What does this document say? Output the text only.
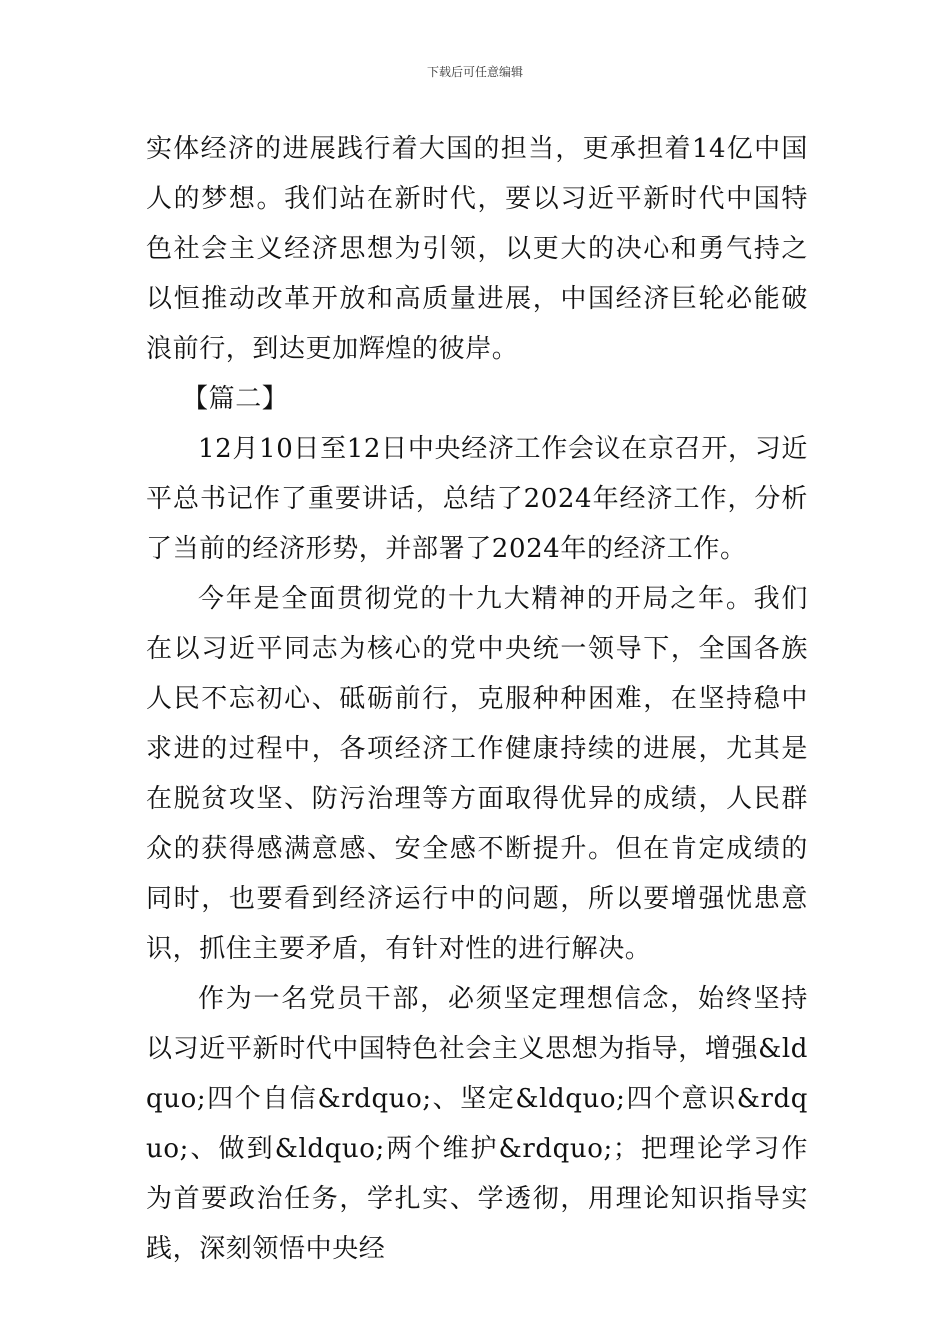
下载后可任意编辑

实体经济的进展践行着大国的担当，更承担着14亿中国人的梦想。我们站在新时代，要以习近平新时代中国特色社会主义经济思想为引领，以更大的决心和勇气持之以恒推动改革开放和高质量进展，中国经济巨轮必能破浪前行，到达更加辉煌的彼岸。

【篇二】

12月10日至12日中央经济工作会议在京召开，习近平总书记作了重要讲话，总结了2024年经济工作，分析了当前的经济形势，并部署了2024年的经济工作。

今年是全面贯彻党的十九大精神的开局之年。我们在以习近平同志为核心的党中央统一领导下，全国各族人民不忘初心、砥砺前行，克服种种困难，在坚持稳中求进的过程中，各项经济工作健康持续的进展，尤其是在脱贫攻坚、防污治理等方面取得优异的成绩，人民群众的获得感满意感、安全感不断提升。但在肯定成绩的同时，也要看到经济运行中的问题，所以要增强忧患意识，抓住主要矛盾，有针对性的进行解决。

作为一名党员干部，必须坚定理想信念，始终坚持以习近平新时代中国特色社会主义思想为指导，增强&ldquo;四个自信&rdquo;、坚定&ldquo;四个意识&rdquo;、做到&ldquo;两个维护&rdquo;；把理论学习作为首要政治任务，学扎实、学透彻，用理论知识指导实践，深刻领悟中央经
